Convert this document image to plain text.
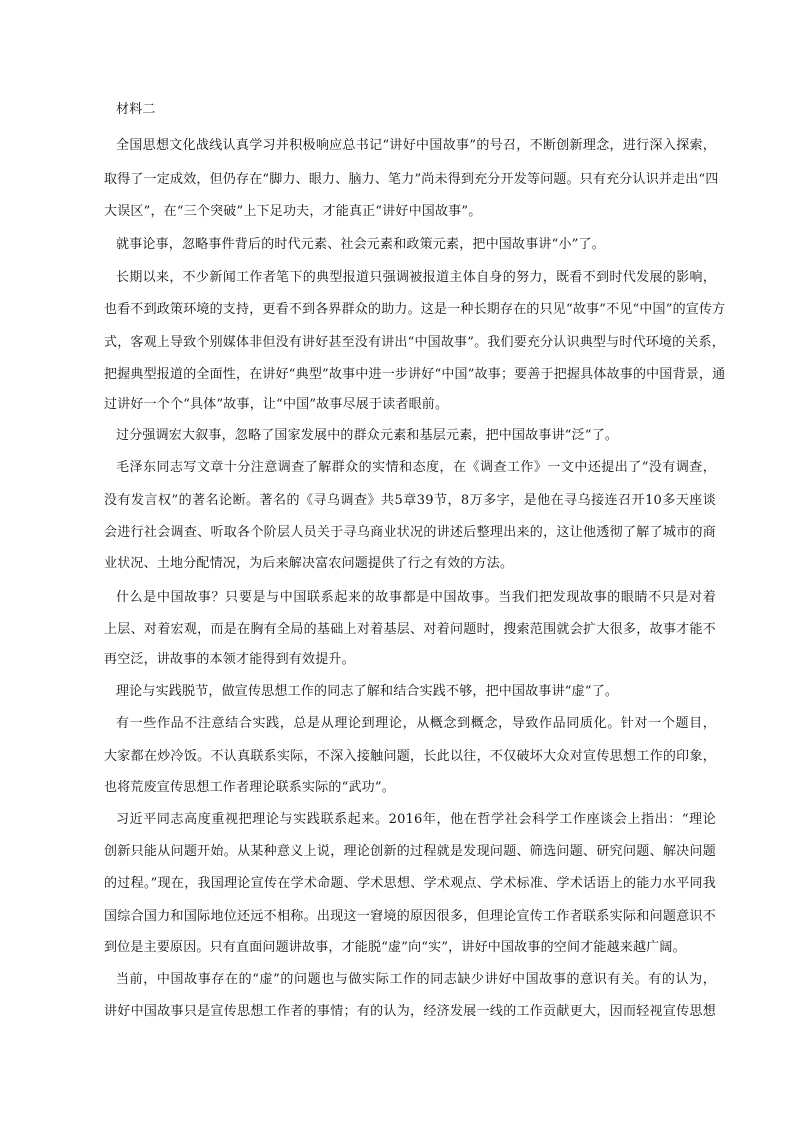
材料二
全国思想文化战线认真学习并积极响应总书记“讲好中国故事”的号召，不断创新理念，进行深入探索，
取得了一定成效，但仍存在“脚力、眼力、脑力、笔力”尚未得到充分开发等问题。只有充分认识并走出“四
大误区”，在“三个突破”上下足功夫，才能真正“讲好中国故事”。
就事论事，忽略事件背后的时代元素、社会元素和政策元素，把中国故事讲“小”了。
长期以来，不少新闻工作者笔下的典型报道只强调被报道主体自身的努力，既看不到时代发展的影响，
也看不到政策环境的支持，更看不到各界群众的助力。这是一种长期存在的只见“故事”不见“中国”的宣传方
式，客观上导致个别媒体非但没有讲好甚至没有讲出“中国故事”。我们要充分认识典型与时代环境的关系，
把握典型报道的全面性，在讲好“典型”故事中进一步讲好“中国”故事；要善于把握具体故事的中国背景，通
过讲好一个个“具体”故事，让“中国”故事尽展于读者眼前。
过分强调宏大叙事，忽略了国家发展中的群众元素和基层元素，把中国故事讲“泛”了。
毛泽东同志写文章十分注意调查了解群众的实情和态度，在《调查工作》一文中还提出了“没有调查，
没有发言权”的著名论断。著名的《寻乌调查》共5章39节，8万多字，是他在寻乌接连召开10多天座谈
会进行社会调查、听取各个阶层人员关于寻乌商业状况的讲述后整理出来的，这让他透彻了解了城市的商
业状况、土地分配情况，为后来解决富农问题提供了行之有效的方法。
什么是中国故事？只要是与中国联系起来的故事都是中国故事。当我们把发现故事的眼睛不只是对着
上层、对着宏观，而是在胸有全局的基础上对着基层、对着问题时，搜索范围就会扩大很多，故事才能不
再空泛，讲故事的本领才能得到有效提升。
理论与实践脱节，做宣传思想工作的同志了解和结合实践不够，把中国故事讲“虚”了。
有一些作品不注意结合实践，总是从理论到理论，从概念到概念，导致作品同质化。针对一个题目，
大家都在炒冷饭。不认真联系实际，不深入接触问题，长此以往，不仅破坏大众对宣传思想工作的印象，
也将荒废宣传思想工作者理论联系实际的“武功”。
习近平同志高度重视把理论与实践联系起来。2016年，他在哲学社会科学工作座谈会上指出：“理论
创新只能从问题开始。从某种意义上说，理论创新的过程就是发现问题、筛选问题、研究问题、解决问题
的过程。”现在，我国理论宣传在学术命题、学术思想、学术观点、学术标准、学术话语上的能力水平同我
国综合国力和国际地位还远不相称。出现这一窘境的原因很多，但理论宣传工作者联系实际和问题意识不
到位是主要原因。只有直面问题讲故事，才能脱“虚”向“实”，讲好中国故事的空间才能越来越广阔。
当前，中国故事存在的“虚”的问题也与做实际工作的同志缺少讲好中国故事的意识有关。有的认为，
讲好中国故事只是宣传思想工作者的事情；有的认为，经济发展一线的工作贡献更大，因而轻视宣传思想
